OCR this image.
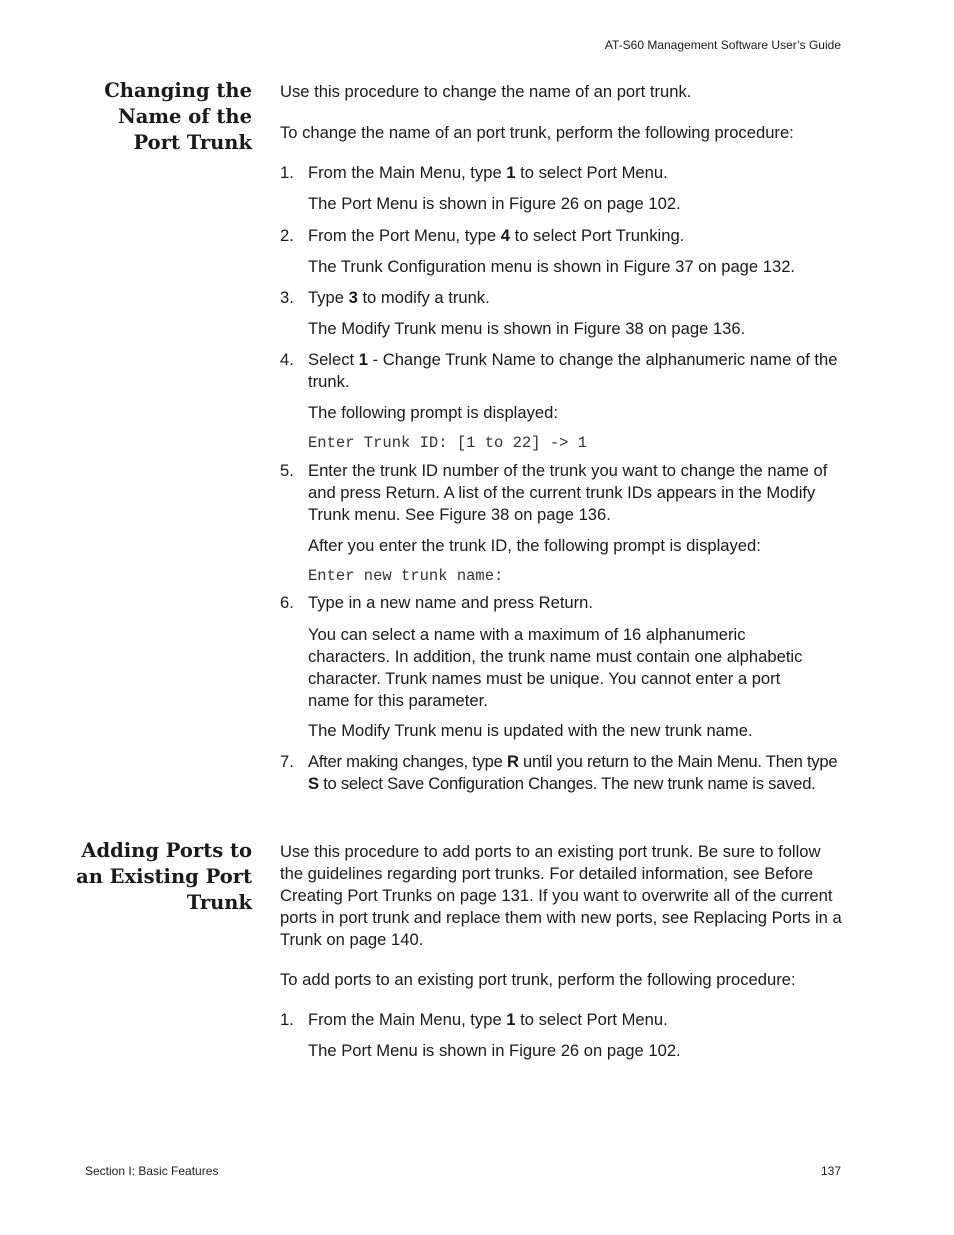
AT-S60 Management Software User’s Guide
Changing the
Name of the
Port Trunk

Use this procedure to change the name of an port trunk.

To change the name of an port trunk, perform the following procedure:

1. From the Main Menu, type 1 to select Port Menu.

The Port Menu is shown in Figure 26 on page 102.

2. From the Port Menu, type 4 to select Port Trunking.

The Trunk Configuration menu is shown in Figure 37 on page 132.

3. Type 3 to modify a trunk.

The Modify Trunk menu is shown in Figure 38 on page 136.

4. Select 1 - Change Trunk Name to change the alphanumeric name of the trunk.

The following prompt is displayed:

Enter Trunk ID: [1 to 22] -> 1
5. Enter the trunk ID number of the trunk you want to change the name of and press Return. A list of the current trunk IDs appears in the Modify Trunk menu. See Figure 38 on page 136.

After you enter the trunk ID, the following prompt is displayed:

Enter new trunk name:
6. Type in a new name and press Return.

You can select a name with a maximum of 16 alphanumeric characters. In addition, the trunk name must contain one alphabetic character. Trunk names must be unique. You cannot enter a port name for this parameter.

The Modify Trunk menu is updated with the new trunk name.

7. After making changes, type R until you return to the Main Menu. Then type S to select Save Configuration Changes. The new trunk name is saved.
Adding Ports to
an Existing Port
Trunk

Use this procedure to add ports to an existing port trunk. Be sure to follow the guidelines regarding port trunks. For detailed information, see Before Creating Port Trunks on page 131. If you want to overwrite all of the current ports in port trunk and replace them with new ports, see Replacing Ports in a Trunk on page 140.

To add ports to an existing port trunk, perform the following procedure:

1. From the Main Menu, type 1 to select Port Menu.

The Port Menu is shown in Figure 26 on page 102.

Section I: Basic Features	137
